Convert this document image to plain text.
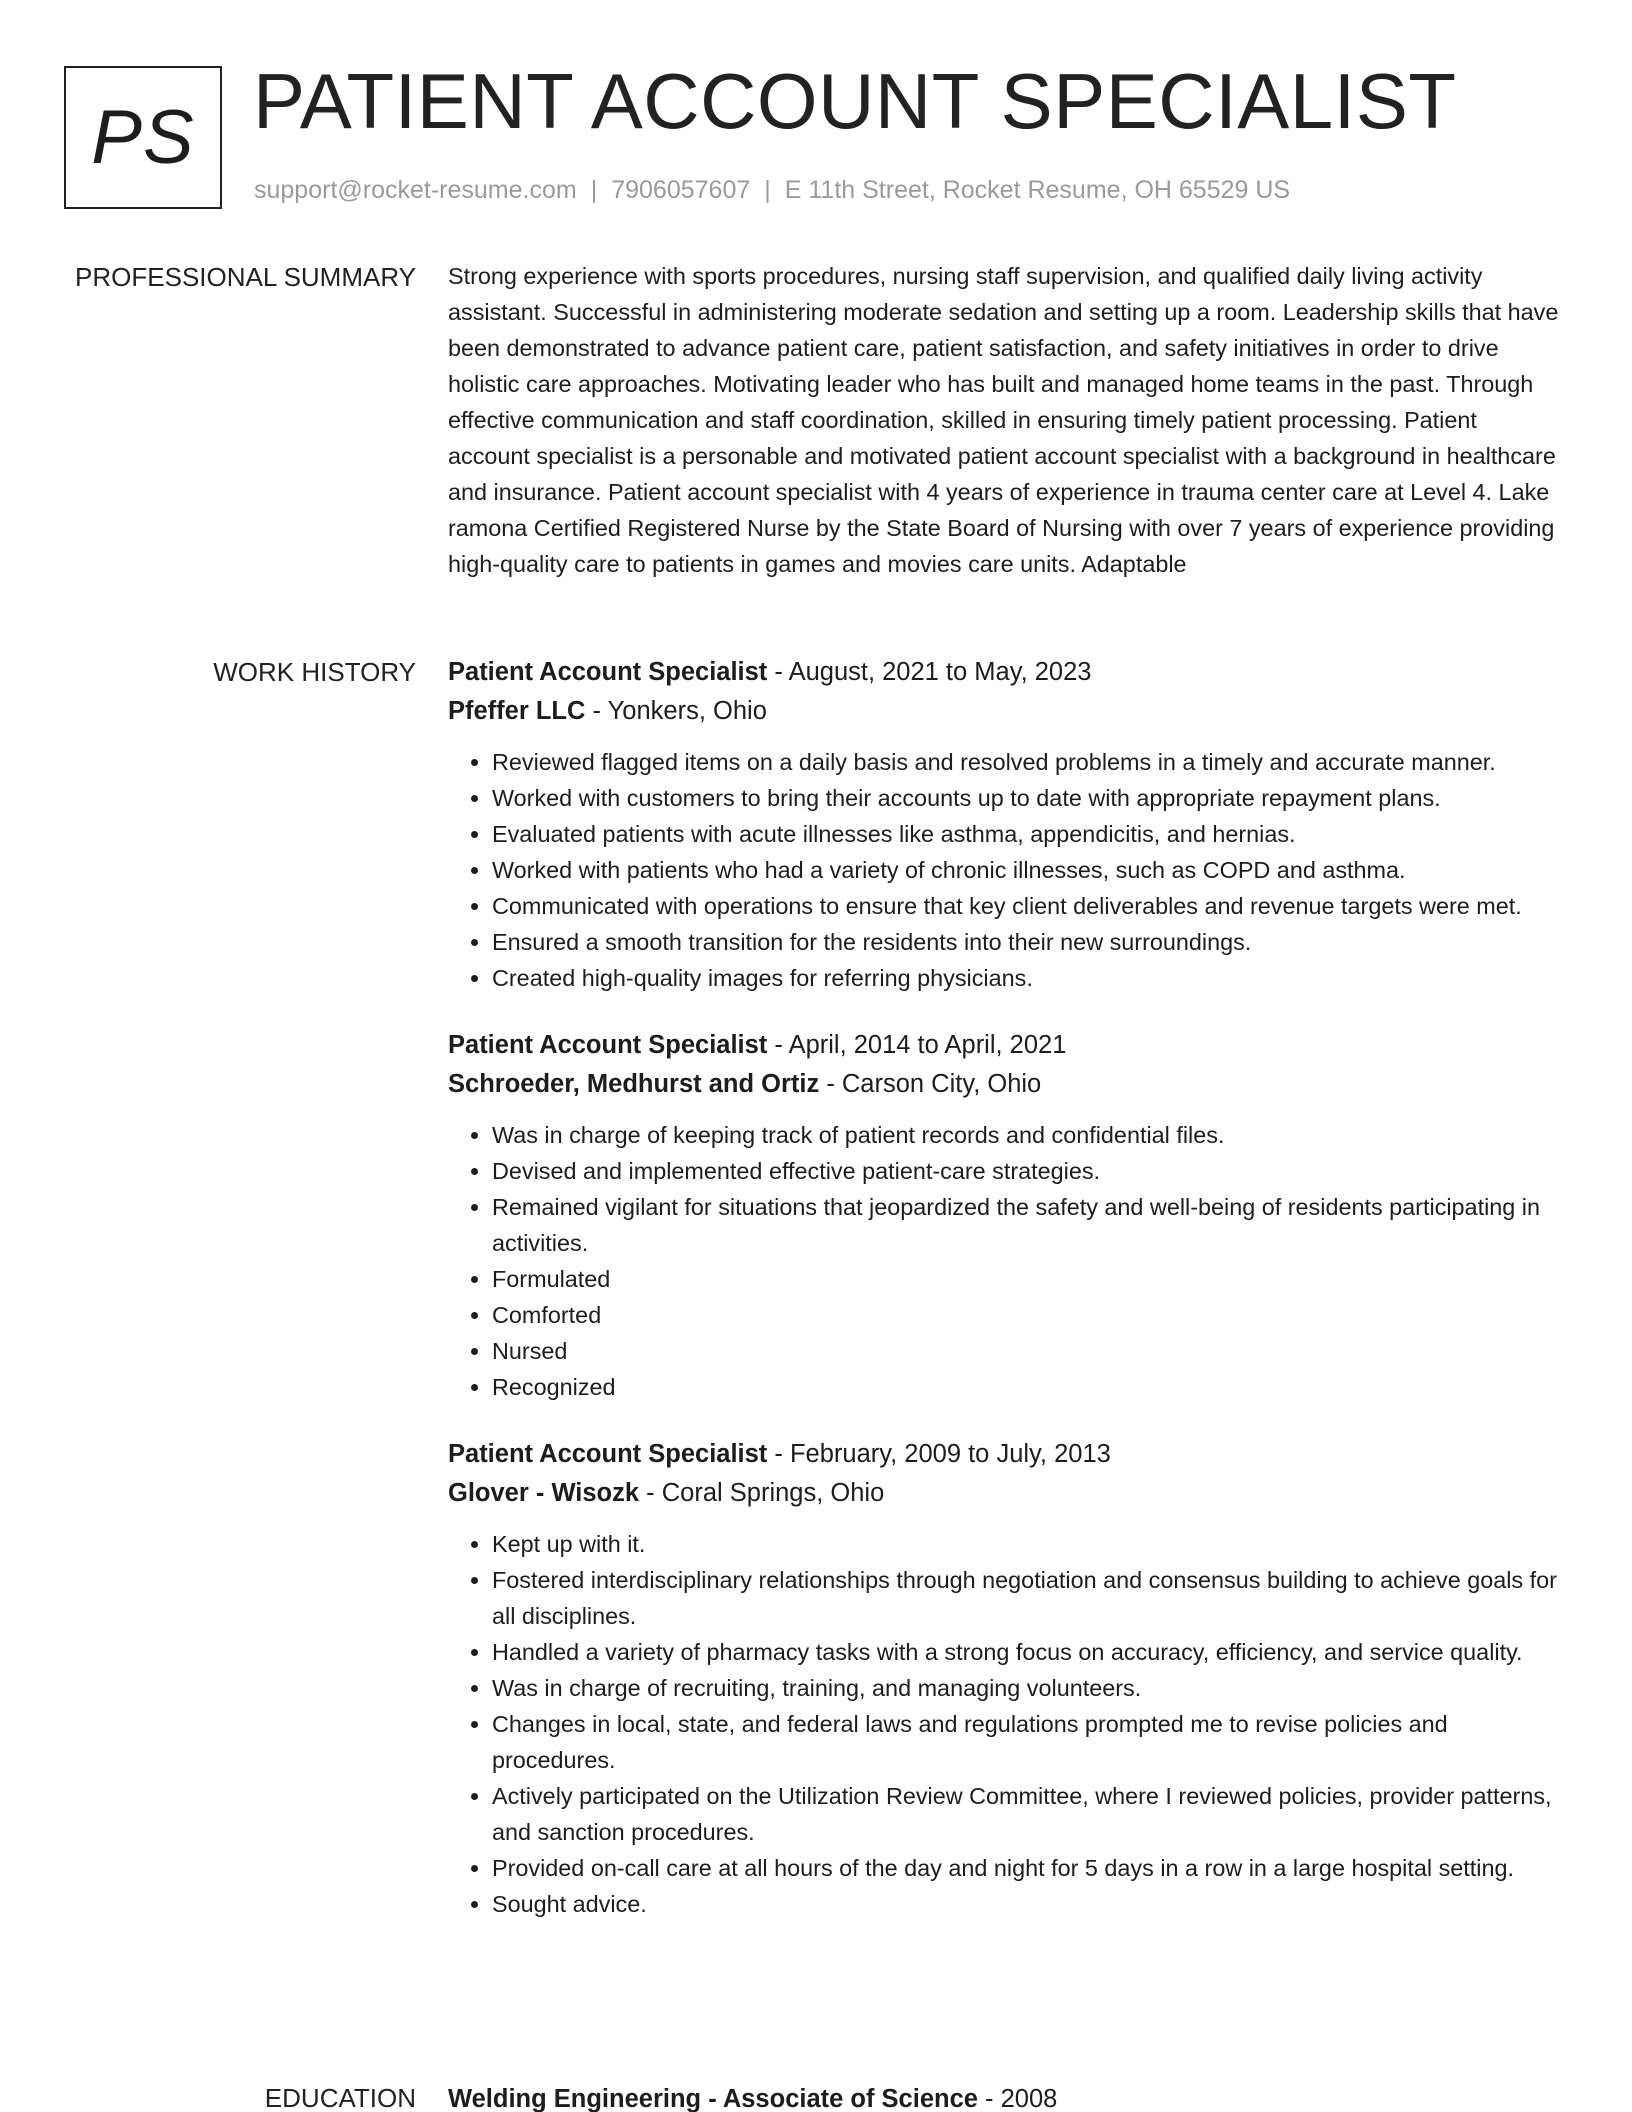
PS PATIENT ACCOUNT SPECIALIST
support@rocket-resume.com | 7906057607 | E 11th Street, Rocket Resume, OH 65529 US
PROFESSIONAL SUMMARY Strong experience with sports procedures, nursing staff supervision, and qualified daily living activity assistant. Successful in administering moderate sedation and setting up a room. Leadership skills that have been demonstrated to advance patient care, patient satisfaction, and safety initiatives in order to drive holistic care approaches. Motivating leader who has built and managed home teams in the past. Through effective communication and staff coordination, skilled in ensuring timely patient processing. Patient account specialist is a personable and motivated patient account specialist with a background in healthcare and insurance. Patient account specialist with 4 years of experience in trauma center care at Level 4. Lake ramona Certified Registered Nurse by the State Board of Nursing with over 7 years of experience providing high-quality care to patients in games and movies care units. Adaptable

WORK HISTORY Patient Account Specialist - August, 2021 to May, 2023
Pfeffer LLC - Yonkers, Ohio
• Reviewed flagged items on a daily basis and resolved problems in a timely and accurate manner.
• Worked with customers to bring their accounts up to date with appropriate repayment plans.
• Evaluated patients with acute illnesses like asthma, appendicitis, and hernias.
• Worked with patients who had a variety of chronic illnesses, such as COPD and asthma.
• Communicated with operations to ensure that key client deliverables and revenue targets were met.
• Ensured a smooth transition for the residents into their new surroundings.
• Created high-quality images for referring physicians.
Patient Account Specialist - April, 2014 to April, 2021
Schroeder, Medhurst and Ortiz - Carson City, Ohio
• Was in charge of keeping track of patient records and confidential files.
• Devised and implemented effective patient-care strategies.
• Remained vigilant for situations that jeopardized the safety and well-being of residents participating in activities.
• Formulated
• Comforted
• Nursed
• Recognized
Patient Account Specialist - February, 2009 to July, 2013
Glover - Wisozk - Coral Springs, Ohio
• Kept up with it.
• Fostered interdisciplinary relationships through negotiation and consensus building to achieve goals for all disciplines.
• Handled a variety of pharmacy tasks with a strong focus on accuracy, efficiency, and service quality.
• Was in charge of recruiting, training, and managing volunteers.
• Changes in local, state, and federal laws and regulations prompted me to revise policies and procedures.
• Actively participated on the Utilization Review Committee, where I reviewed policies, provider patterns, and sanction procedures.
• Provided on-call care at all hours of the day and night for 5 days in a row in a large hospital setting.
• Sought advice.
EDUCATION Welding Engineering - Associate of Science - 2008
